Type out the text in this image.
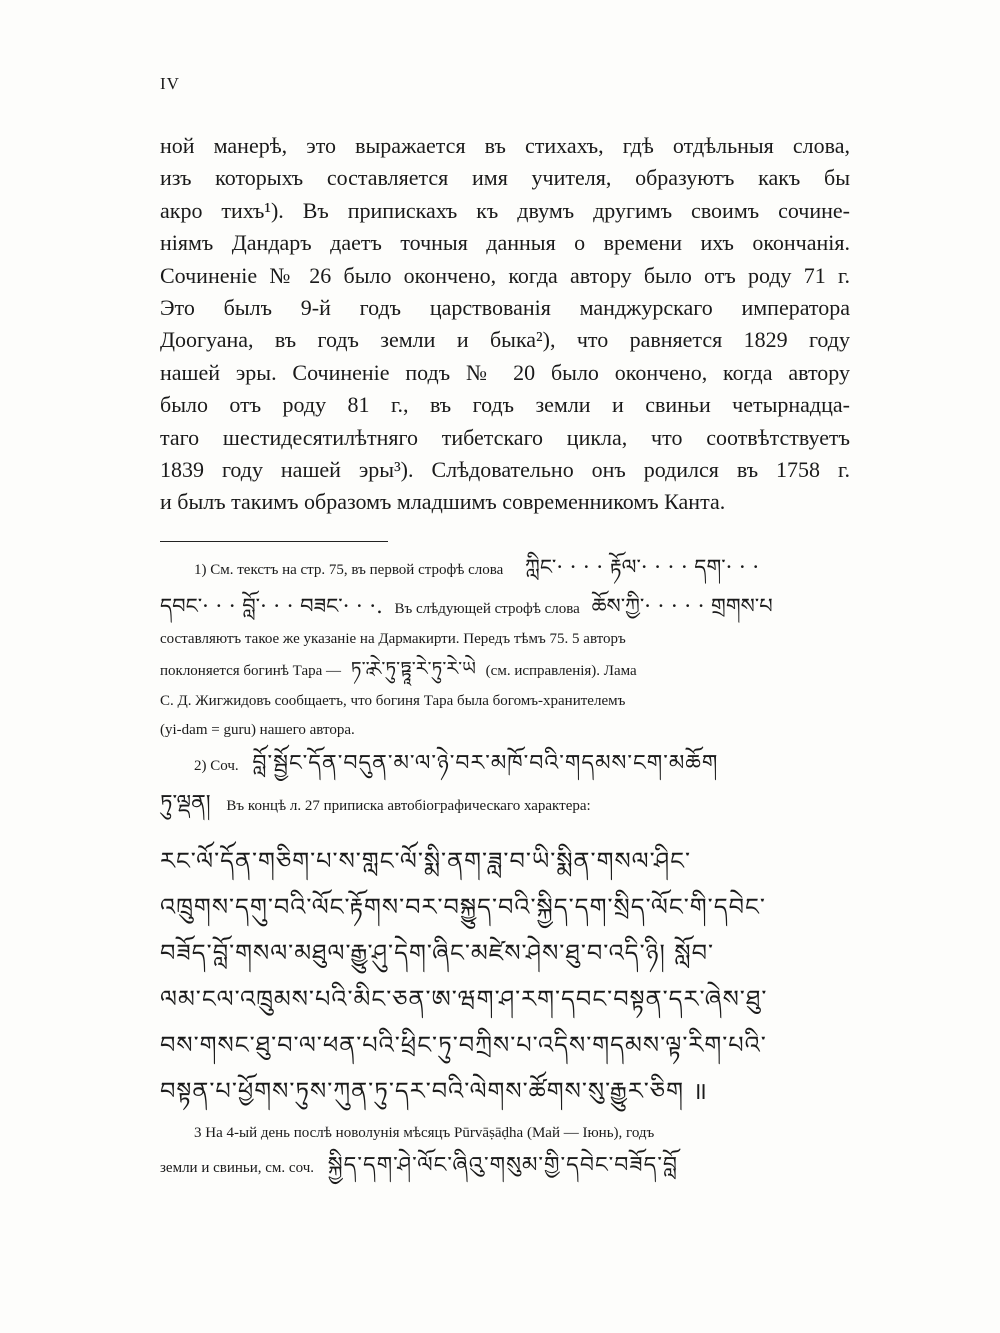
IV
ной манерѣ, это выражается въ стихахъ, гдѣ отдѣльныя слова,
изъ которыхъ составляется имя учителя, образуютъ какъ бы
акро тихъ¹). Въ припискахъ къ двумъ другимъ своимъ сочине-
ніямъ Дандаръ даетъ точныя данныя о времени ихъ окончанія.
Сочиненіе № 26 было окончено, когда автору было отъ роду 71 г.
Это былъ 9-й годъ царствованія манджурскаго императора
Доогуана, въ годъ земли и быка²), что равняется 1829 году
нашей эры. Сочиненіе подъ № 20 было окончено, когда автору
было отъ роду 81 г., въ годъ земли и свиньи четырнадца-
таго шестидесятилѣтняго тибетскаго цикла, что соотвѣтствуетъ
1839 году нашей эры³). Слѣдовательно онъ родился въ 1758 г.
и былъ такимъ образомъ младшимъ современникомъ Канта.
1) См. текстъ на стр. 75, въ первой строфѣ слова ཀླིང་· · · · རྟོལ་· · · · དག་· · ·
དབང་· · · བློ་· · · བཟང་· · ·. Въ слѣдующей строфѣ слова ཆོས་ཀྱི་· · · · · གྲགས་པ
составляютъ такое же указаніе на Дармакирти. Передъ тѣмъ 75. 5 авторъ
поклоняется богинѣ Тара — ཏ་ཱ་རེ་ཏུ་ཏྟཱ་རེ་ཏུ་རེ་ཡེ (см. исправленія). Лама
С. Д. Жигжидовъ сообщаетъ, что богиня Тара была богомъ-хранителемъ
(yi-dam = guru) нашего автора.
2) Соч. བློ་སྦྱོང་དོན་བདུན་མ་ལ་ཉེ་བར་མཁོ་བའི་གདམས་ངག་མཆོག
ཏུ་ལྡན། Въ концѣ л. 27 приписка автобіографическаго характера:
རང་ལོ་དོན་གཅིག་པ་ས་གླང་ལོ་སྨི་ནག་ཟླ་བ་ཡི་སྨིན་གསལ་ཤིང་
འཁྲུགས་དགུ་བའི་ལོང་རྟོགས་བར་བསྐྱུད་བའི་སྐྱིད་དག་སྲིད་ལོང་གི་དབེང་
བཟོད་བློ་གསལ་མཐུལ་རྒྱུ་ཤུ་དེག་ཞིང་མཛེས་ཤེས་ཐུ་བ་འདི་ཉི། སློབ་
ལམ་ངལ་འཁྲུམས་པའི་མིང་ཅན་ཨ་ཝག་ཤ་རག་དབང་བསྟན་དར་ཞེས་ཐུ་
བས་གསང་ཐུ་བ་ལ་ཕན་པའི་ཕྲིང་ཏུ་བཀྲིས་པ་འདིས་གདམས་ལྟ་རིག་པའི་
བསྟན་པ་ཕྱོགས་ཏུས་ཀུན་ཏུ་དར་བའི་ལེགས་ཚོགས་སུ་རྒྱུར་ཅིག ॥
3 На 4-ый день послѣ новолунія мѣсяцъ Pūrvāṣāḍha (Май — Іюнь), годъ
земли и свиньи, см. соч. སྐྱིད་དག་ཤེ་ལོང་ཞིའུ་གསུམ་གྱི་དབེང་བཟོད་བློ
